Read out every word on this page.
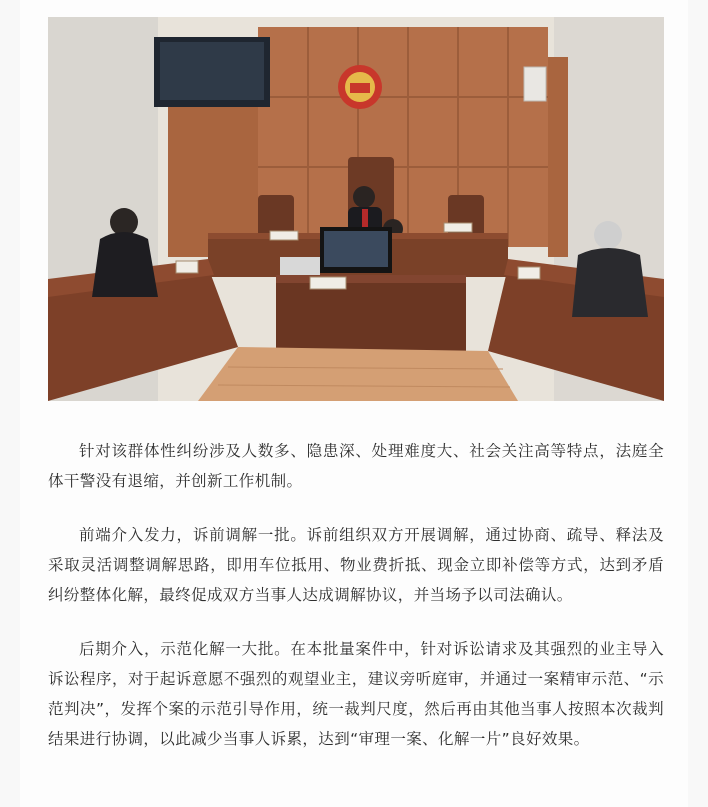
针对该群体性纠纷涉及人数多、隐患深、处理难度大、社会关注高等特点，法庭全体干警没有退缩，并创新工作机制。

前端介入发力，诉前调解一批。诉前组织双方开展调解，通过协商、疏导、释法及采取灵活调整调解思路，即用车位抵用、物业费折抵、现金立即补偿等方式，达到矛盾纠纷整体化解，最终促成双方当事人达成调解协议，并当场予以司法确认。

后期介入，示范化解一大批。在本批量案件中，针对诉讼请求及其强烈的业主导入诉讼程序，对于起诉意愿不强烈的观望业主，建议旁听庭审，并通过一案精审示范、“示范判决”，发挥个案的示范引导作用，统一裁判尺度，然后再由其他当事人按照本次裁判结果进行协调，以此减少当事人诉累，达到“审理一案、化解一片”良好效果。
